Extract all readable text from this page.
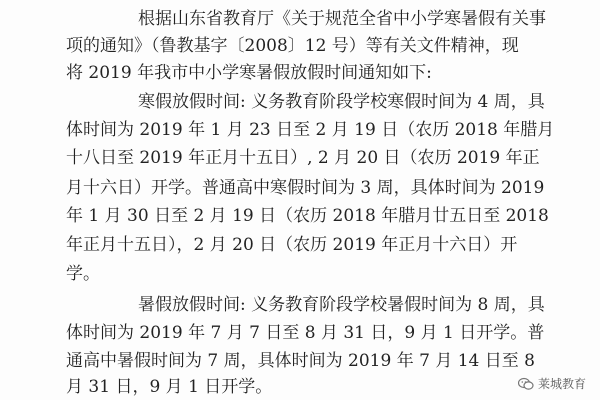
根据山东省教育厅《关于规范全省中小学寒暑假有关事
项的通知》（鲁教基字〔2008〕12 号）等有关文件精神，现
将 2019 年我市中小学寒暑假放假时间通知如下:
寒假放假时间: 义务教育阶段学校寒假时间为 4 周，具
体时间为 2019 年 1 月 23 日至 2 月 19 日（农历 2018 年腊月
十八日至 2019 年正月十五日）, 2 月 20 日（农历 2019 年正
月十六日）开学。普通高中寒假时间为 3 周，具体时间为 2019
年 1 月 30 日至 2 月 19 日（农历 2018 年腊月廿五日至 2018
年正月十五日），2 月 20 日（农历 2019 年正月十六日）开
学。
暑假放假时间: 义务教育阶段学校暑假时间为 8 周，具
体时间为 2019 年 7 月 7 日至 8 月 31 日，9 月 1 日开学。普
通高中暑假时间为 7 周，具体时间为 2019 年 7 月 14 日至 8
月 31 日，9 月 1 日开学。	莱城教育
